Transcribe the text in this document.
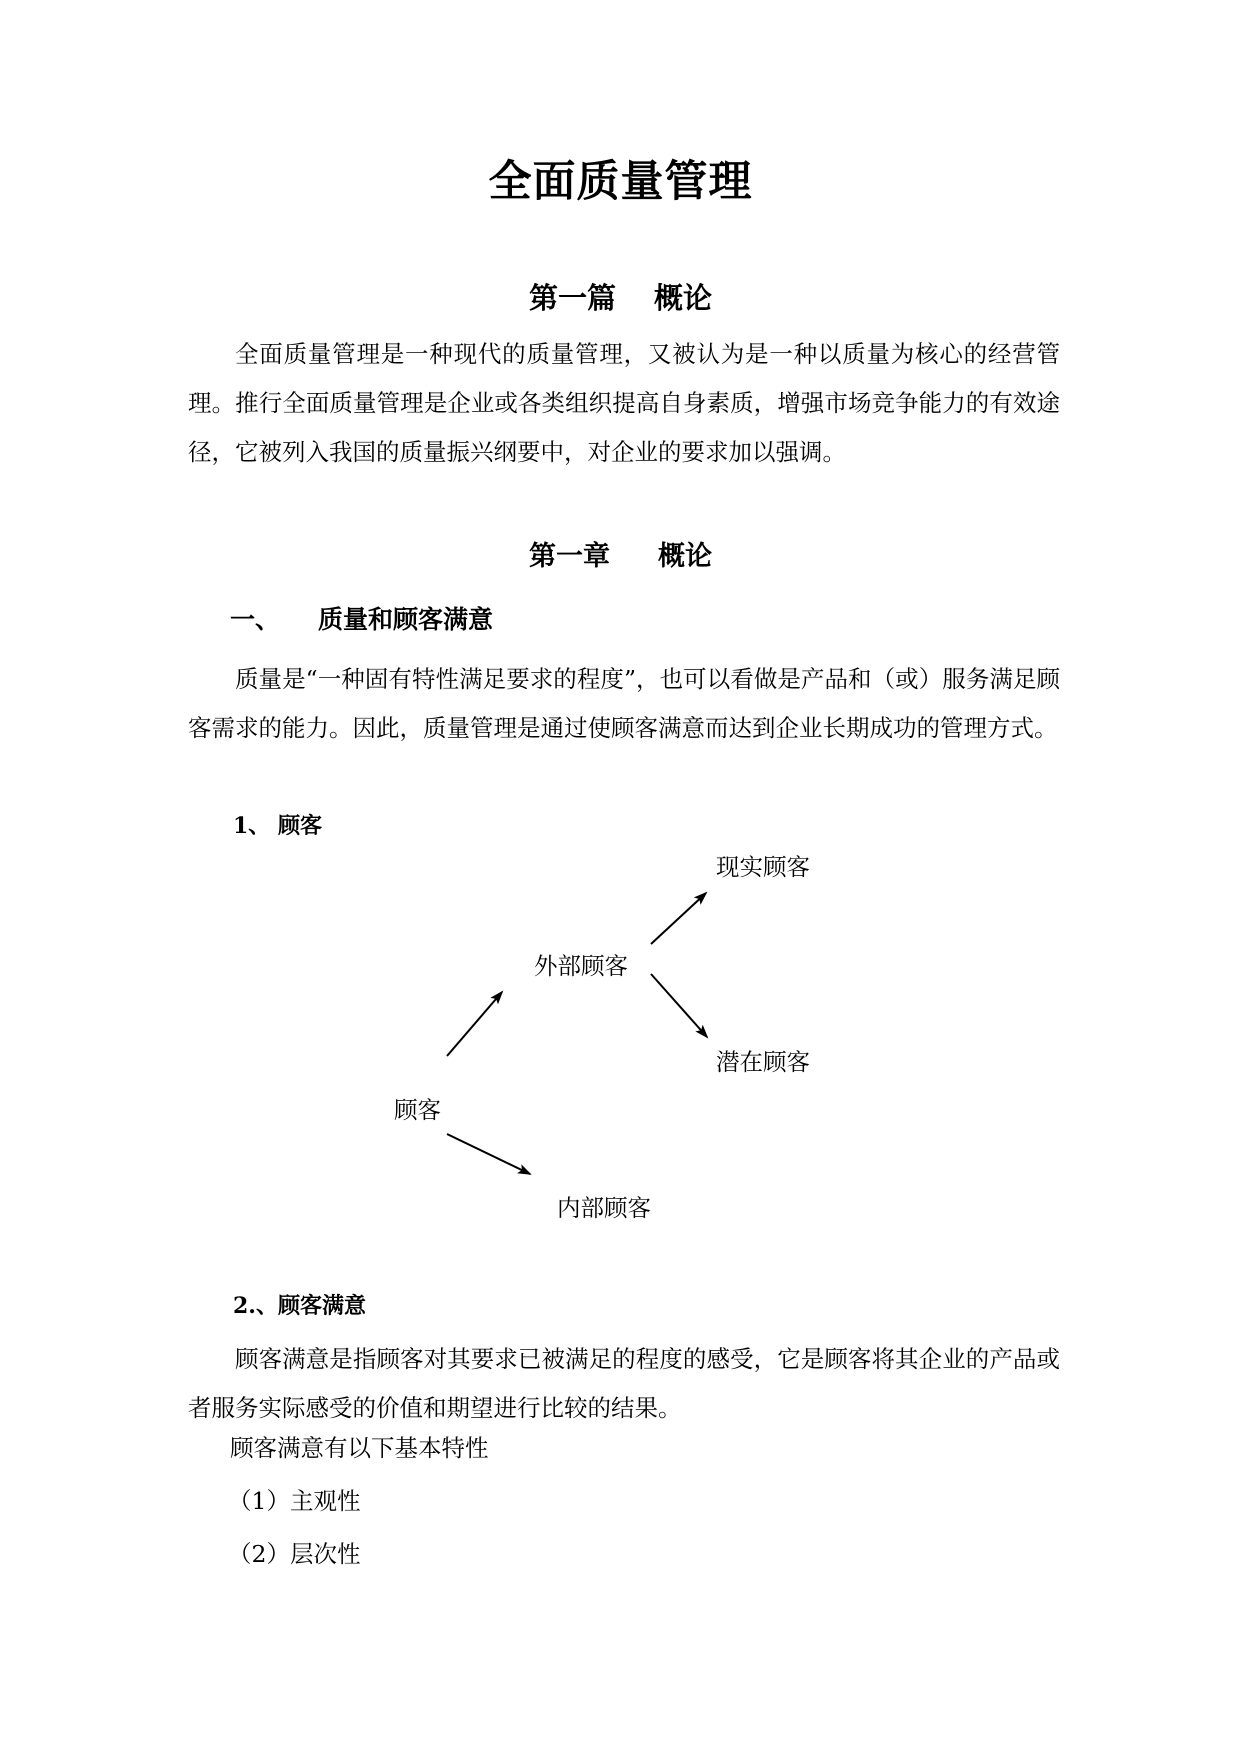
全面质量管理
第一篇 概论
全面质量管理是一种现代的质量管理，又被认为是一种以质量为核心的经营管理。推行全面质量管理是企业或各类组织提高自身素质，增强市场竞争能力的有效途径，它被列入我国的质量振兴纲要中，对企业的要求加以强调。
第一章 概论
一、 质量和顾客满意
质量是“一种固有特性满足要求的程度”，也可以看做是产品和（或）服务满足顾客需求的能力。因此，质量管理是通过使顾客满意而达到企业长期成功的管理方式。
1、 顾客
现实顾客
外部顾客
潜在顾客
顾客
内部顾客
2.、顾客满意
顾客满意是指顾客对其要求已被满足的程度的感受，它是顾客将其企业的产品或者服务实际感受的价值和期望进行比较的结果。
顾客满意有以下基本特性
（1）主观性
（2）层次性
